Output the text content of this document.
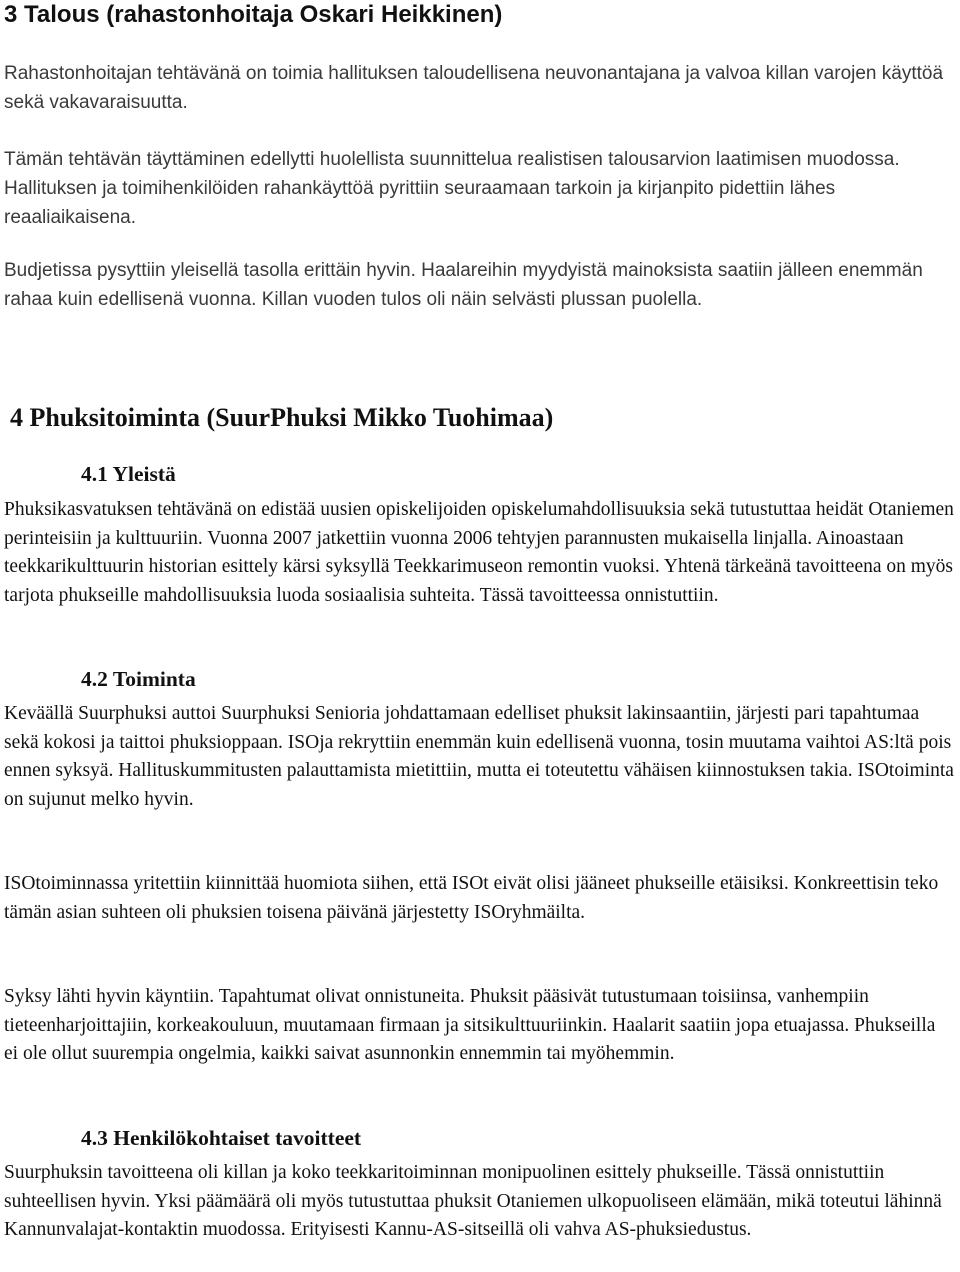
3 Talous (rahastonhoitaja Oskari Heikkinen)

Rahastonhoitajan tehtävänä on toimia hallituksen taloudellisena neuvonantajana ja valvoa killan varojen käyttöä sekä vakavaraisuutta.

Tämän tehtävän täyttäminen edellytti huolellista suunnittelua realistisen talousarvion laatimisen muodossa. Hallituksen ja toimihenkilöiden rahankäyttöä pyrittiin seuraamaan tarkoin ja kirjanpito pidettiin lähes reaaliaikaisena.

Budjetissa pysyttiin yleisellä tasolla erittäin hyvin. Haalareihin myydyistä mainoksista saatiin jälleen enemmän rahaa kuin edellisenä vuonna. Killan vuoden tulos oli näin selvästi plussan puolella.

4 Phuksitoiminta (SuurPhuksi Mikko Tuohimaa)
4.1 Yleistä

Phuksikasvatuksen tehtävänä on edistää uusien opiskelijoiden opiskelumahdollisuuksia sekä tutustuttaa heidät Otaniemen perinteisiin ja kulttuuriin. Vuonna 2007 jatkettiin vuonna 2006 tehtyjen parannusten mukaisella linjalla. Ainoastaan teekkarikulttuurin historian esittely kärsi syksyllä Teekkarimuseon remontin vuoksi. Yhtenä tärkeänä tavoitteena on myös tarjota phukseille mahdollisuuksia luoda sosiaalisia suhteita. Tässä tavoitteessa onnistuttiin.

4.2 Toiminta

Keväällä Suurphuksi auttoi Suurphuksi Senioria johdattamaan edelliset phuksit lakinsaantiin, järjesti pari tapahtumaa sekä kokosi ja taittoi phuksioppaan. ISOja rekryttiin enemmän kuin edellisenä vuonna, tosin muutama vaihtoi AS:ltä pois ennen syksyä. Hallituskummitusten palauttamista mietittiin, mutta ei toteutettu vähäisen kiinnostuksen takia. ISOtoiminta on sujunut melko hyvin.

ISOtoiminnassa yritettiin kiinnittää huomiota siihen, että ISOt eivät olisi jääneet phukseille etäisiksi. Konkreettisin teko tämän asian suhteen oli phuksien toisena päivänä järjestetty ISOryhmäilta.

Syksy lähti hyvin käyntiin. Tapahtumat olivat onnistuneita. Phuksit pääsivät tutustumaan toisiinsa, vanhempiin tieteenharjoittajiin, korkeakouluun, muutamaan firmaan ja sitsikulttuuriinkin. Haalarit saatiin jopa etuajassa. Phukseilla ei ole ollut suurempia ongelmia, kaikki saivat asunnonkin ennemmin tai myöhemmin.

4.3 Henkilökohtaiset tavoitteet

Suurphuksin tavoitteena oli killan ja koko teekkaritoiminnan monipuolinen esittely phukseille. Tässä onnistuttiin suhteellisen hyvin. Yksi päämäärä oli myös tutustuttaa phuksit Otaniemen ulkopuoliseen elämään, mikä toteutui lähinnä Kannunvalajat-kontaktin muodossa. Erityisesti Kannu-AS-sitseillä oli vahva AS-phuksiedustus.
